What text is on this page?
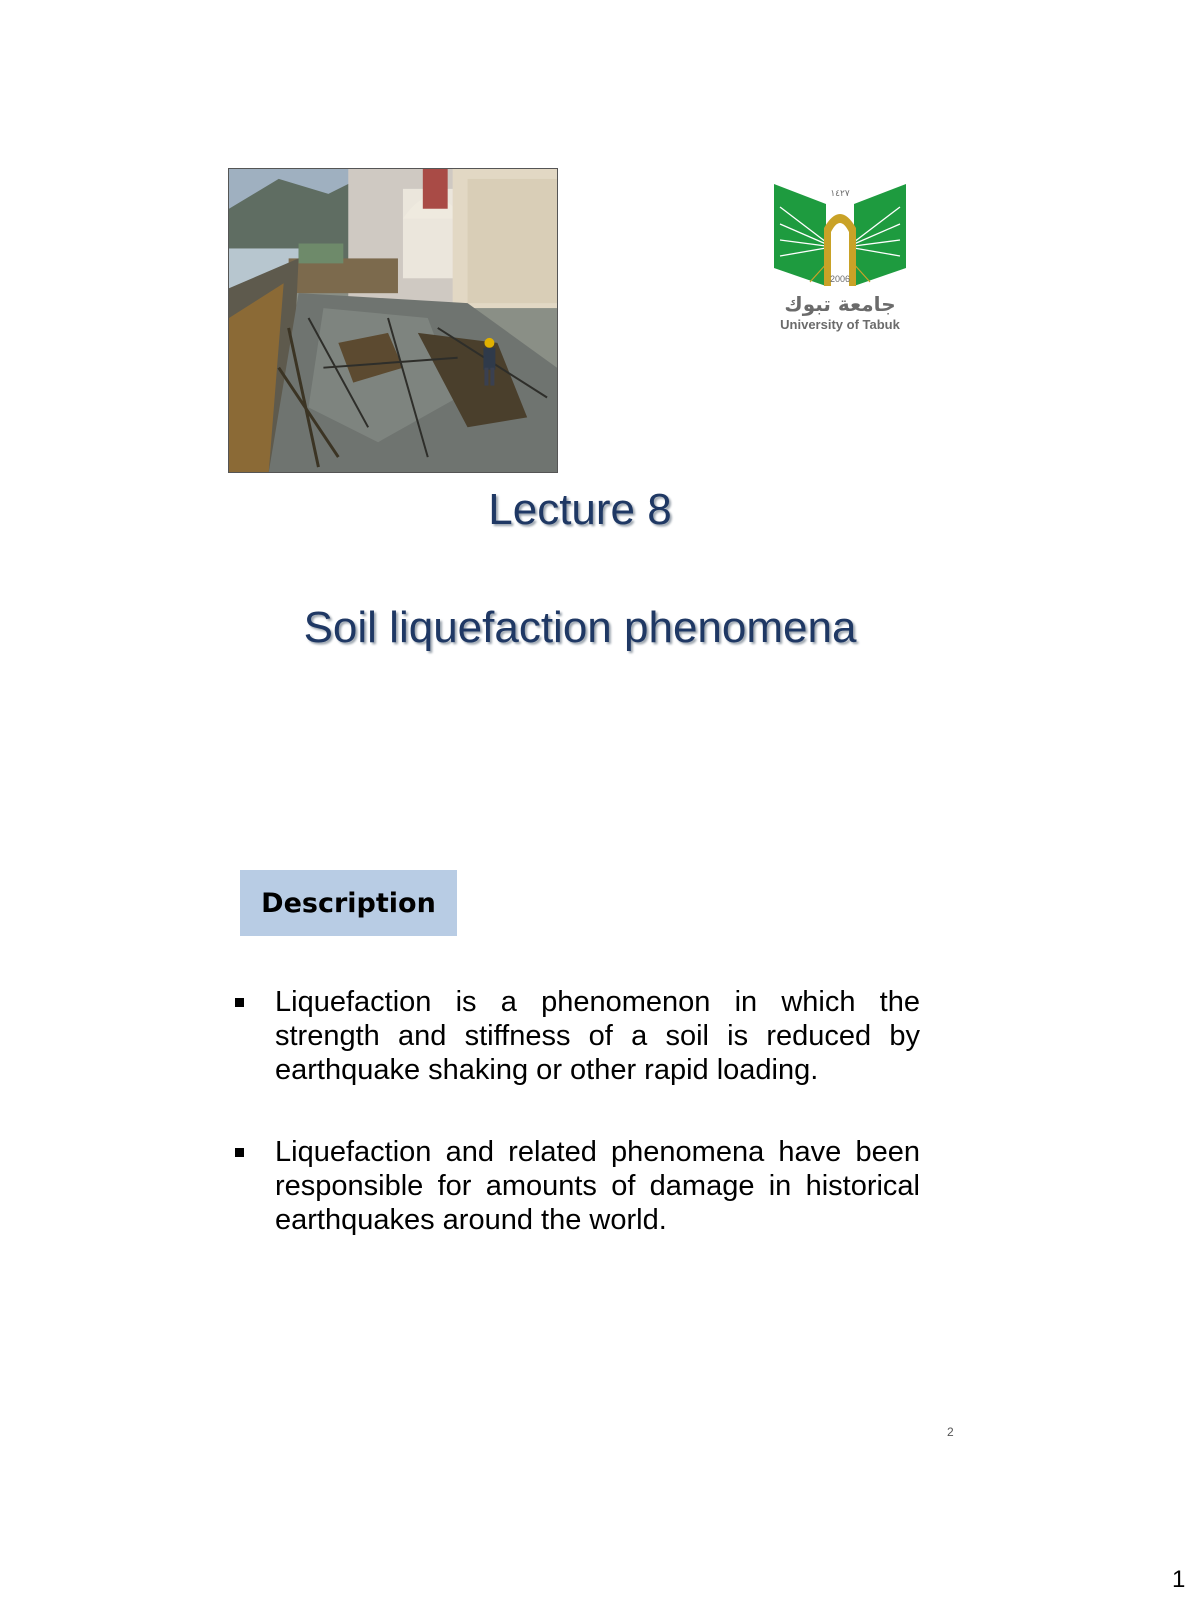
١٤٢٧
2006
جامعة تبوك
University of Tabuk
Lecture 8
Soil liquefaction phenomena
Description
Liquefaction is a phenomenon in which the strength and stiffness of a soil is reduced by earthquake shaking or other rapid loading.
Liquefaction and related phenomena have been responsible for amounts of damage in historical earthquakes around the world.
2
1
